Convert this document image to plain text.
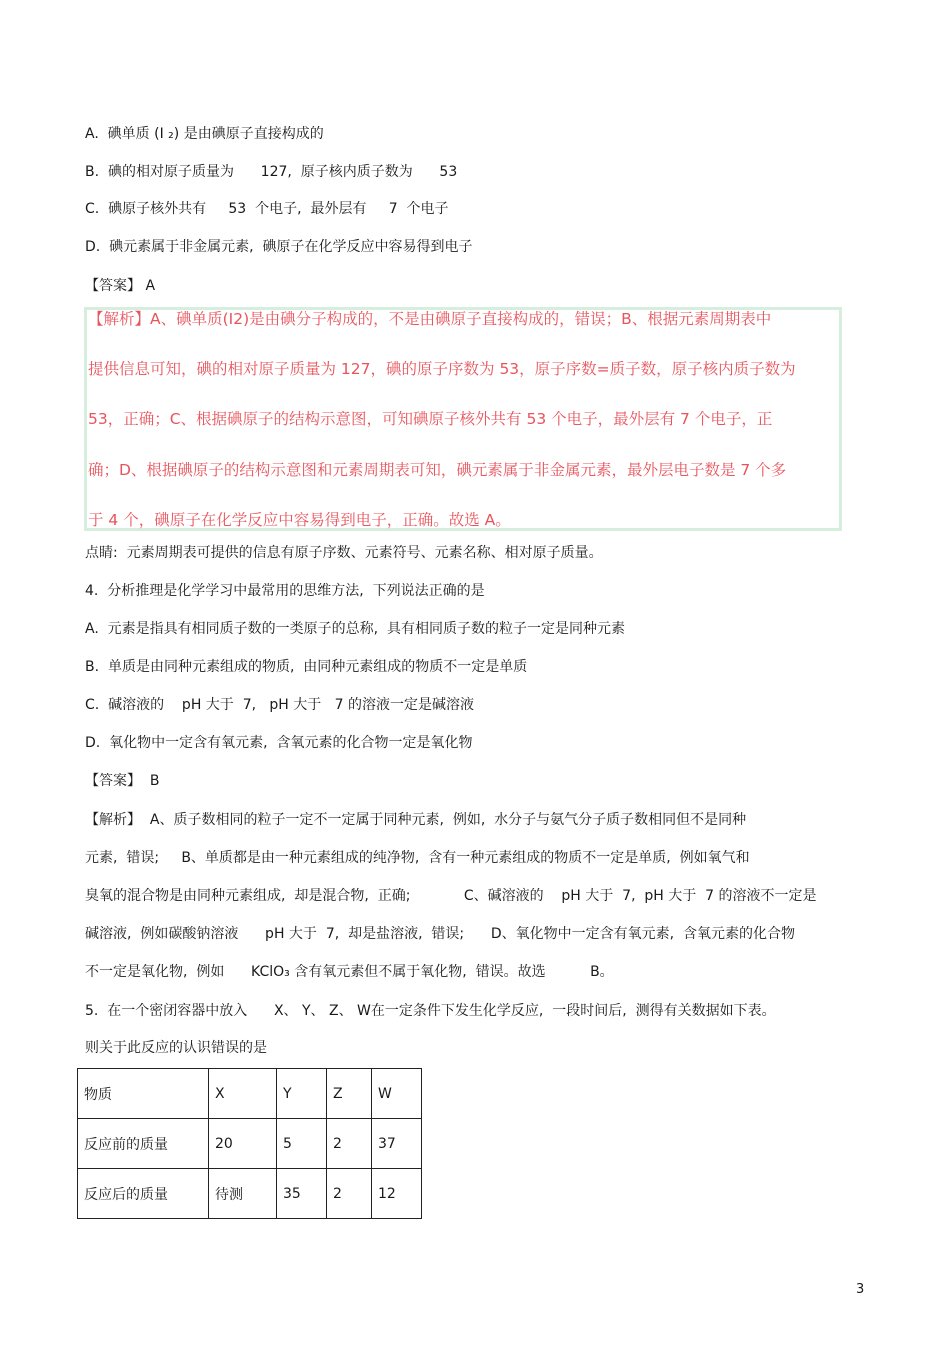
A.  碘单质 (I ₂) 是由碘原子直接构成的
B.  碘的相对原子质量为      127,  原子核内质子数为      53
C.  碘原子核外共有     53  个电子,  最外层有     7  个电子
D.  碘元素属于非金属元素,  碘原子在化学反应中容易得到电子
【答案】 A
【解析】A、碘单质(I2)是由碘分子构成的，不是由碘原子直接构成的，错误；B、根据元素周期表中
提供信息可知，碘的相对原子质量为 127，碘的原子序数为 53，原子序数=质子数，原子核内质子数为
53，正确；C、根据碘原子的结构示意图，可知碘原子核外共有 53 个电子，最外层有 7 个电子，正
确；D、根据碘原子的结构示意图和元素周期表可知，碘元素属于非金属元素，最外层电子数是 7 个多
于 4 个，碘原子在化学反应中容易得到电子，正确。故选 A。
点睛:  元素周期表可提供的信息有原子序数、元素符号、元素名称、相对原子质量。
4.  分析推理是化学学习中最常用的思维方法,  下列说法正确的是
A.  元素是指具有相同质子数的一类原子的总称,  具有相同质子数的粒子一定是同种元素
B.  单质是由同种元素组成的物质,  由同种元素组成的物质不一定是单质
C.  碱溶液的    pH 大于  7,   pH 大于   7 的溶液一定是碱溶液
D.  氧化物中一定含有氧元素,  含氧元素的化合物一定是氧化物
【答案】  B
【解析】  A、质子数相同的粒子一定不一定属于同种元素,  例如,  水分子与氨气分子质子数相同但不是同种
元素,  错误;     B、单质都是由一种元素组成的纯净物,  含有一种元素组成的物质不一定是单质,  例如氧气和
臭氧的混合物是由同种元素组成,  却是混合物,  正确;            C、碱溶液的    pH 大于  7,  pH 大于  7 的溶液不一定是
碱溶液,  例如碳酸钠溶液      pH 大于  7,  却是盐溶液,  错误;      D、氧化物中一定含有氧元素,  含氧元素的化合物
不一定是氧化物,  例如      KClO₃ 含有氧元素但不属于氧化物,  错误。故选          B。
5.  在一个密闭容器中放入      X、 Y、 Z、 W在一定条件下发生化学反应,  一段时间后,  测得有关数据如下表。
则关于此反应的认识错误的是
物质	X	Y	Z	W
反应前的质量	20	5	2	37
反应后的质量	待测	35	2	12
3
